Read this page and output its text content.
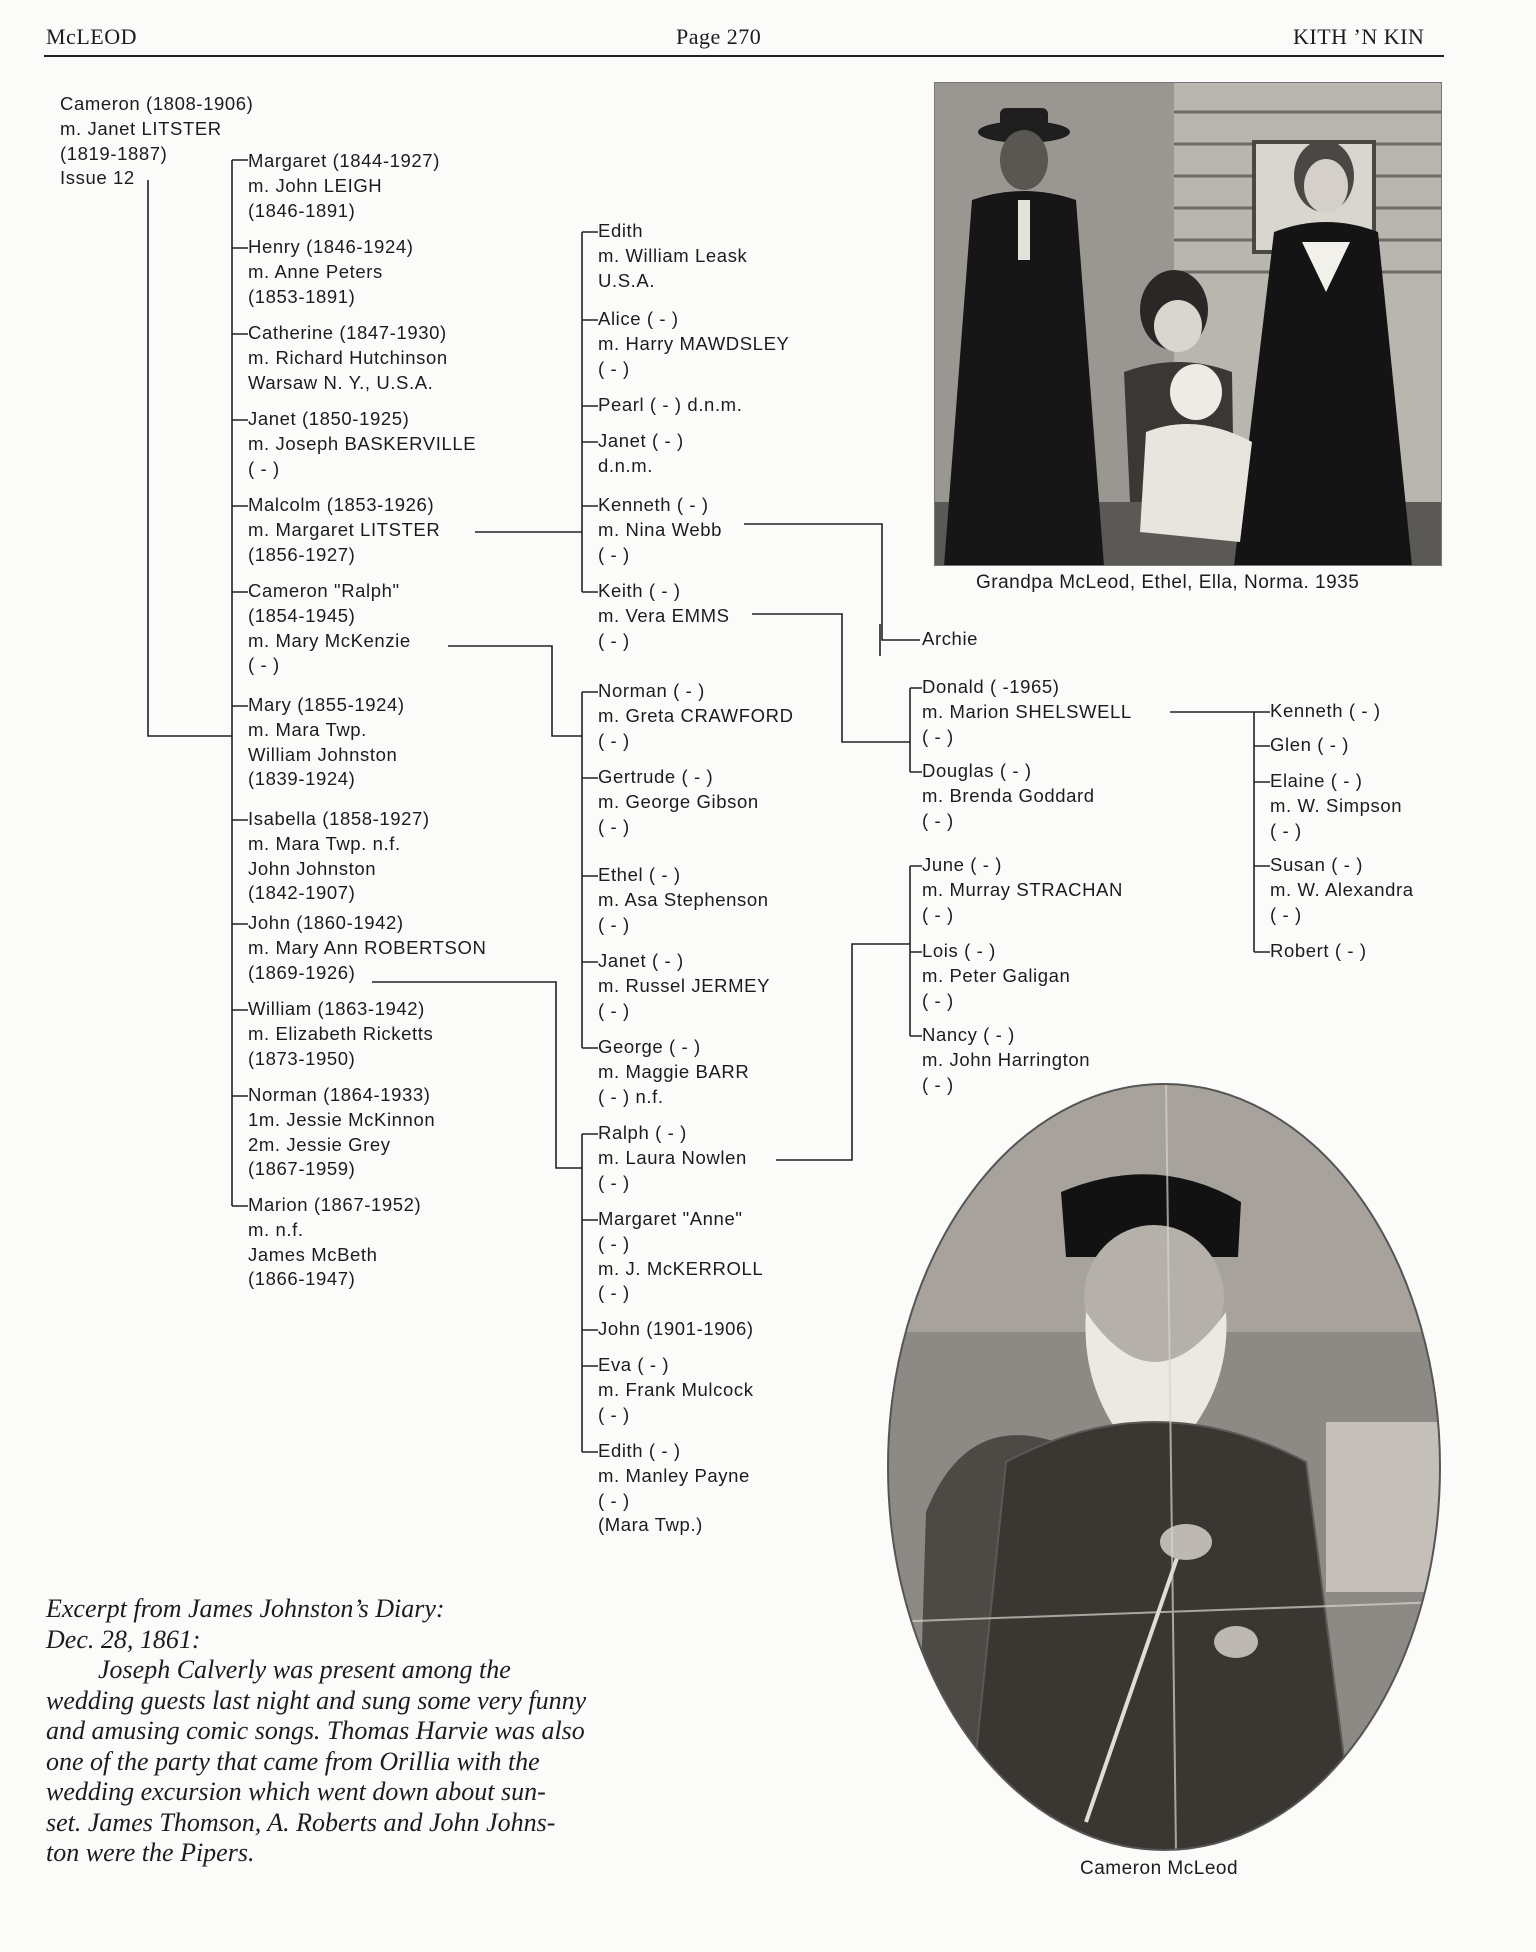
McLEOD	Page 270	KITH ’N KIN
Cameron (1808-1906)
m. Janet LITSTER
(1819-1887)
Issue 12
Margaret (1844-1927)
m. John LEIGH
(1846-1891)
Henry (1846-1924)
m. Anne Peters
(1853-1891)
Catherine (1847-1930)
m. Richard Hutchinson
Warsaw N. Y., U.S.A.
Janet (1850-1925)
m. Joseph BASKERVILLE
( - )
Malcolm (1853-1926)
m. Margaret LITSTER
(1856-1927)
Cameron "Ralph"
(1854-1945)
m. Mary McKenzie
( - )
Mary (1855-1924)
m. Mara Twp.
William Johnston
(1839-1924)
Isabella (1858-1927)
m. Mara Twp. n.f.
John Johnston
(1842-1907)
John (1860-1942)
m. Mary Ann ROBERTSON
(1869-1926)
William (1863-1942)
m. Elizabeth Ricketts
(1873-1950)
Norman (1864-1933)
1m. Jessie McKinnon
2m. Jessie Grey
(1867-1959)
Marion (1867-1952)
m. n.f.
James McBeth
(1866-1947)
Edith
m. William Leask
U.S.A.
Alice ( - )
m. Harry MAWDSLEY
( - )
Pearl ( - ) d.n.m.
Janet ( - )
d.n.m.
Kenneth ( - )
m. Nina Webb
( - )
Keith ( - )
m. Vera EMMS
( - )
Norman ( - )
m. Greta CRAWFORD
( - )
Gertrude ( - )
m. George Gibson
( - )
Ethel ( - )
m. Asa Stephenson
( - )
Janet ( - )
m. Russel JERMEY
( - )
George ( - )
m. Maggie BARR
( - ) n.f.
Ralph ( - )
m. Laura Nowlen
( - )
Margaret "Anne"
( - )
m. J. McKERROLL
( - )
John (1901-1906)
Eva ( - )
m. Frank Mulcock
( - )
Edith ( - )
m. Manley Payne
( - )
(Mara Twp.)
Archie
Donald ( -1965)
m. Marion SHELSWELL
( - )
Douglas ( - )
m. Brenda Goddard
( - )
June ( - )
m. Murray STRACHAN
( - )
Lois ( - )
m. Peter Galigan
( - )
Nancy ( - )
m. John Harrington
( - )
Kenneth ( - )
Glen ( - )
Elaine ( - )
m. W. Simpson
( - )
Susan ( - )
m. W. Alexandra
( - )
Robert ( - )
Grandpa McLeod, Ethel, Ella, Norma. 1935
Cameron McLeod
Excerpt from James Johnston’s Diary:
Dec. 28, 1861:
Joseph Calverly was present among the
wedding guests last night and sung some very funny
and amusing comic songs. Thomas Harvie was also
one of the party that came from Orillia with the
wedding excursion which went down about sun-
set. James Thomson, A. Roberts and John Johns-
ton were the Pipers.
